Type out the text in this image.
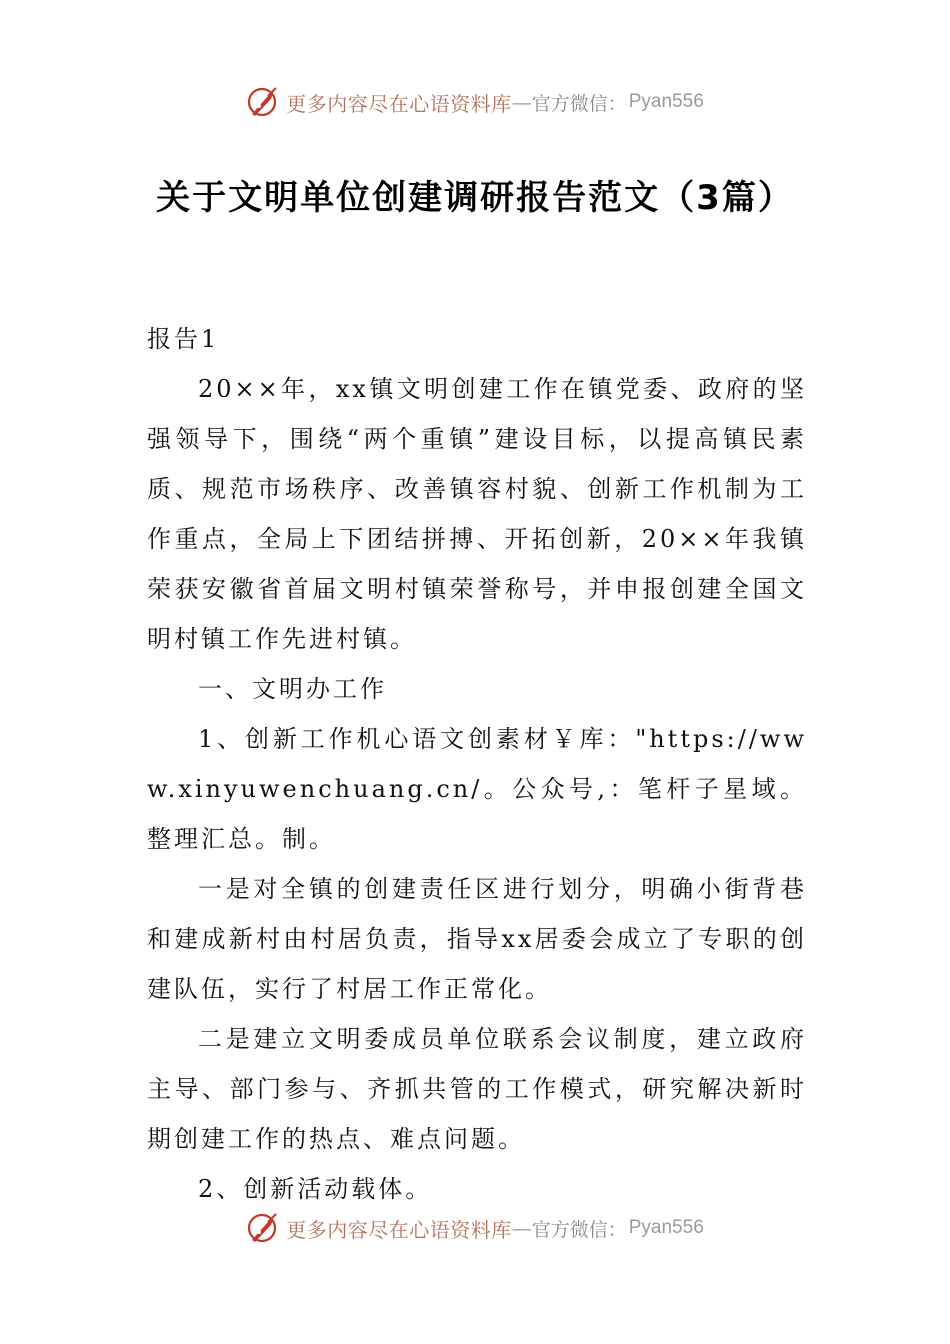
更多内容尽在心语资料库 — 官方微信： Pyan556
关于文明单位创建调研报告范文（3篇）

报告1

20××年，xx镇文明创建工作在镇党委、政府的坚强领导下，围绕“两个重镇”建设目标，以提高镇民素质、规范市场秩序、改善镇容村貌、创新工作机制为工作重点，全局上下团结拼搏、开拓创新，20××年我镇荣获安徽省首届文明村镇荣誉称号，并申报创建全国文明村镇工作先进村镇。

一、文明办工作

1、创新工作机心语文创素材￥库："https://www.xinyuwenchuang.cn/。公众号,：笔杆子星域。整理汇总。制。

一是对全镇的创建责任区进行划分，明确小街背巷和建成新村由村居负责，指导xx居委会成立了专职的创建队伍，实行了村居工作正常化。

二是建立文明委成员单位联系会议制度，建立政府主导、部门参与、齐抓共管的工作模式，研究解决新时期创建工作的热点、难点问题。

2、创新活动载体。

更多内容尽在心语资料库 — 官方微信： Pyan556
